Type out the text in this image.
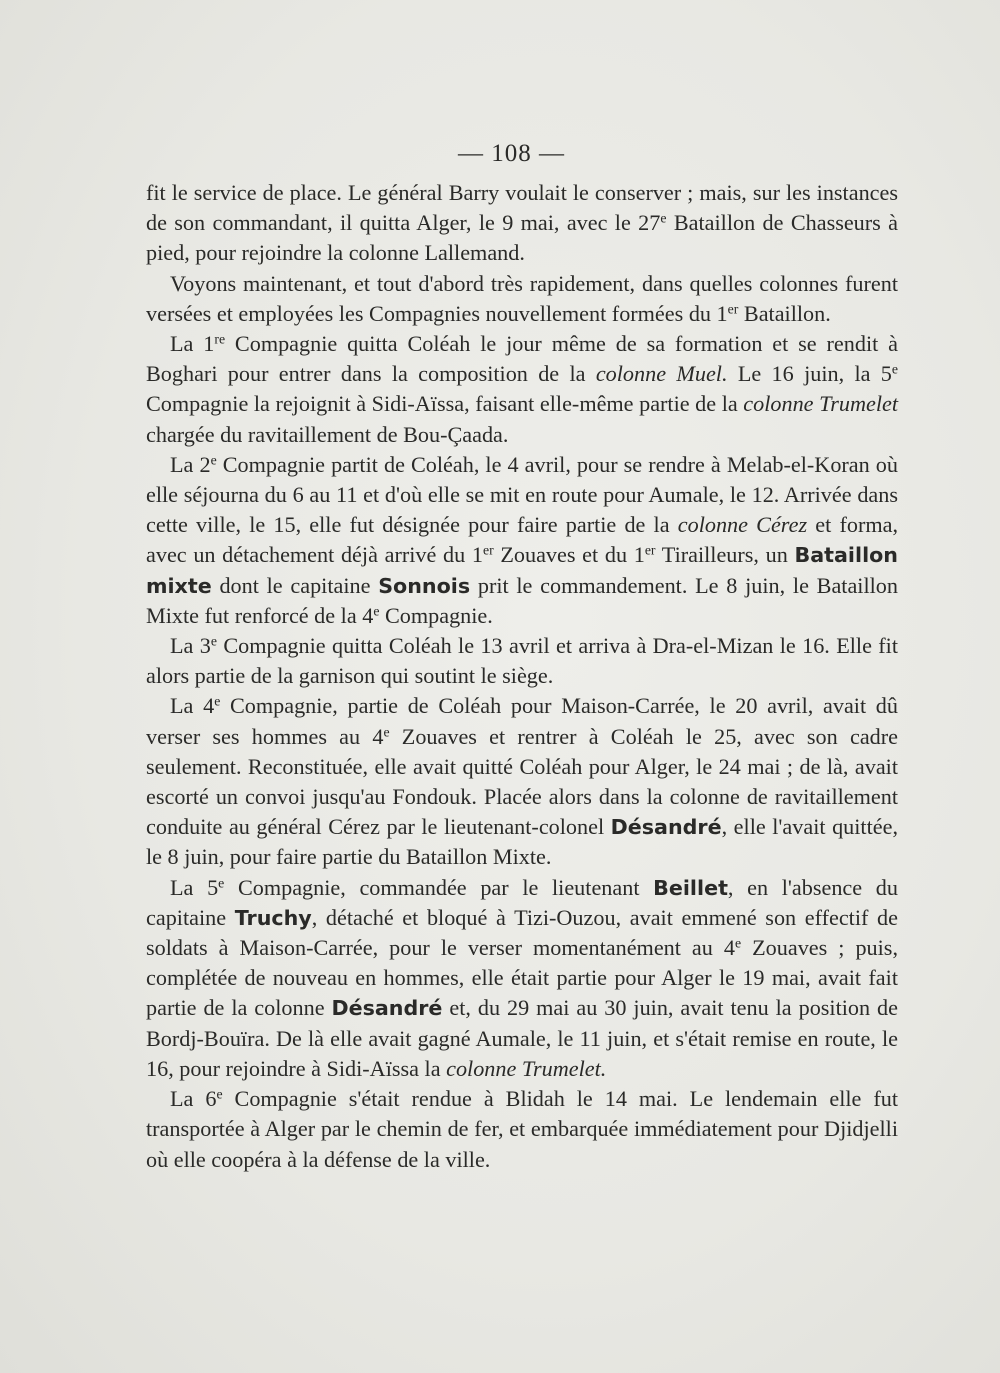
— 108 —

fit le service de place. Le général Barry voulait le conserver ; mais, sur les instances de son commandant, il quitta Alger, le 9 mai, avec le 27e Bataillon de Chasseurs à pied, pour rejoindre la colonne Lallemand.

Voyons maintenant, et tout d'abord très rapidement, dans quelles colonnes furent versées et employées les Compagnies nouvellement formées du 1er Bataillon.

La 1re Compagnie quitta Coléah le jour même de sa formation et se rendit à Boghari pour entrer dans la composition de la colonne Muel. Le 16 juin, la 5e Compagnie la rejoignit à Sidi-Aïssa, faisant elle-même partie de la colonne Trumelet chargée du ravitaillement de Bou-Çaada.

La 2e Compagnie partit de Coléah, le 4 avril, pour se rendre à Melab-el-Koran où elle séjourna du 6 au 11 et d'où elle se mit en route pour Aumale, le 12. Arrivée dans cette ville, le 15, elle fut désignée pour faire partie de la colonne Cérez et forma, avec un détachement déjà arrivé du 1er Zouaves et du 1er Tirailleurs, un Bataillon mixte dont le capitaine Sonnois prit le commandement. Le 8 juin, le Bataillon Mixte fut renforcé de la 4e Compagnie.

La 3e Compagnie quitta Coléah le 13 avril et arriva à Dra-el-Mizan le 16. Elle fit alors partie de la garnison qui soutint le siège.

La 4e Compagnie, partie de Coléah pour Maison-Carrée, le 20 avril, avait dû verser ses hommes au 4e Zouaves et rentrer à Coléah le 25, avec son cadre seulement. Reconstituée, elle avait quitté Coléah pour Alger, le 24 mai ; de là, avait escorté un convoi jusqu'au Fondouk. Placée alors dans la colonne de ravitaillement conduite au général Cérez par le lieutenant-colonel Désandré, elle l'avait quittée, le 8 juin, pour faire partie du Bataillon Mixte.

La 5e Compagnie, commandée par le lieutenant Beillet, en l'absence du capitaine Truchy, détaché et bloqué à Tizi-Ouzou, avait emmené son effectif de soldats à Maison-Carrée, pour le verser momentanément au 4e Zouaves ; puis, complétée de nouveau en hommes, elle était partie pour Alger le 19 mai, avait fait partie de la colonne Désandré et, du 29 mai au 30 juin, avait tenu la position de Bordj-Bouïra. De là elle avait gagné Aumale, le 11 juin, et s'était remise en route, le 16, pour rejoindre à Sidi-Aïssa la colonne Trumelet.

La 6e Compagnie s'était rendue à Blidah le 14 mai. Le lendemain elle fut transportée à Alger par le chemin de fer, et embarquée immédiatement pour Djidjelli où elle coopéra à la défense de la ville.
